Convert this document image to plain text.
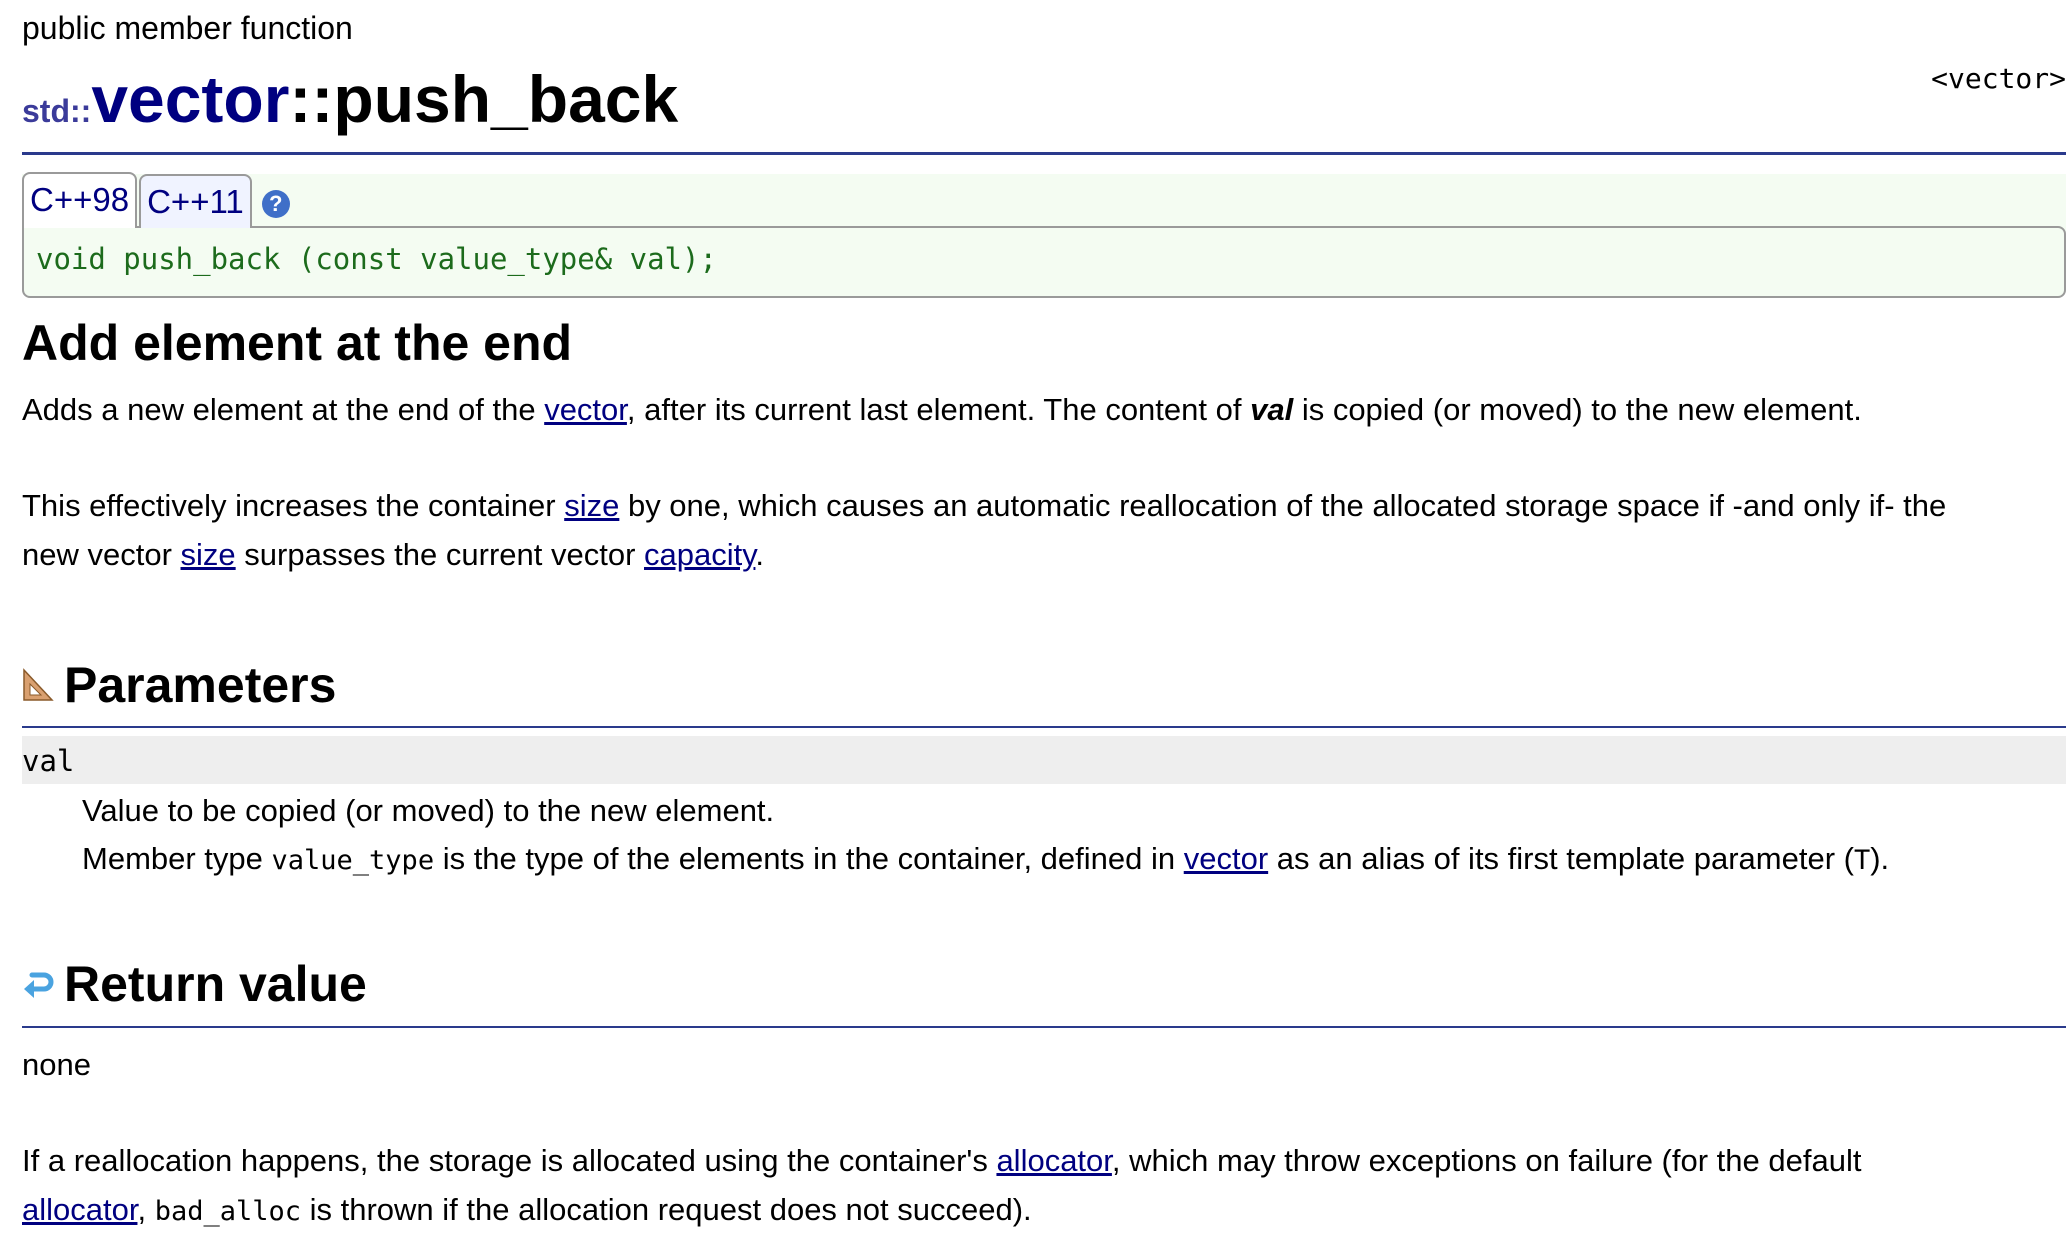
public member function
<vector>
std::vector::push_back
void push_back (const value_type& val);
C++98 C++11	?
Add element at the end
Adds a new element at the end of the vector, after its current last element. The content of val is copied (or moved) to the new element.
This effectively increases the container size by one, which causes an automatic reallocation of the allocated storage space if -and only if- the
new vector size surpasses the current vector capacity.
Parameters
val
Value to be copied (or moved) to the new element.
Member type value_type is the type of the elements in the container, defined in vector as an alias of its first template parameter (T).
Return value
none
If a reallocation happens, the storage is allocated using the container's allocator, which may throw exceptions on failure (for the default
allocator, bad_alloc is thrown if the allocation request does not succeed).
